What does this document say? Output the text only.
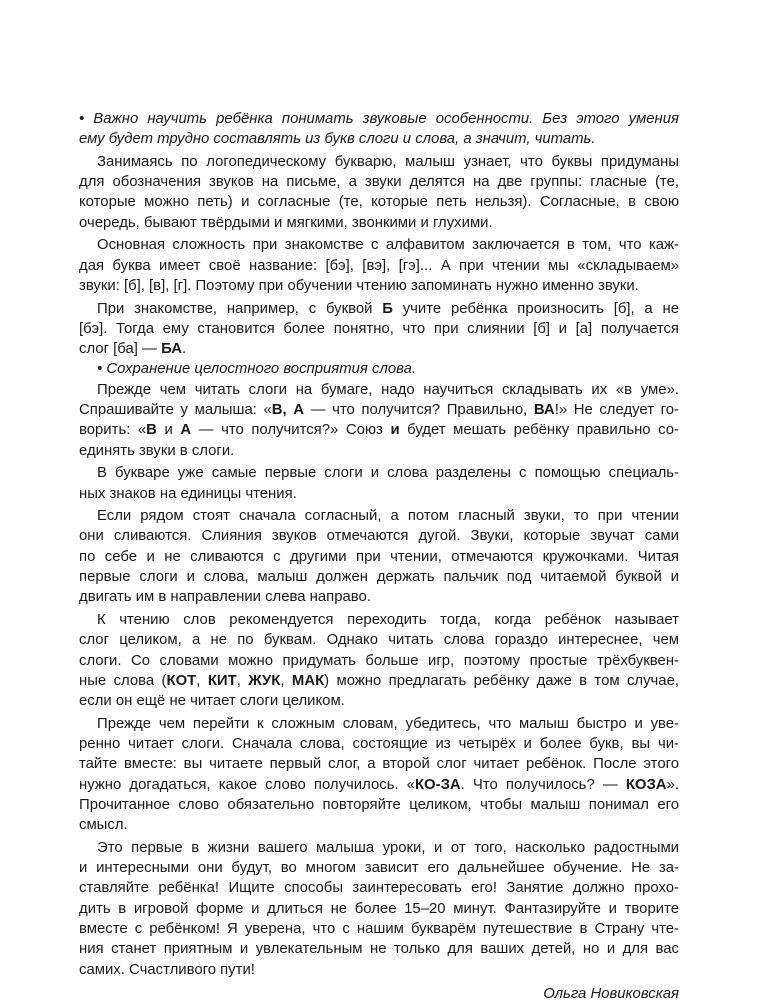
• Важно научить ребёнка понимать звуковые особенности. Без этого умения
ему будет трудно составлять из букв слоги и слова, а значит, читать.
Занимаясь по логопедическому букварю, малыш узнает, что буквы придуманы
для обозначения звуков на письме, а звуки делятся на две группы: гласные (те,
которые можно петь) и согласные (те, которые петь нельзя). Согласные, в свою
очередь, бывают твёрдыми и мягкими, звонкими и глухими.
Основная сложность при знакомстве с алфавитом заключается в том, что каж-
дая буква имеет своё название: [бэ], [вэ], [гэ]... А при чтении мы «складываем»
звуки: [б], [в], [г]. Поэтому при обучении чтению запоминать нужно именно звуки.
При знакомстве, например, с буквой Б учите ребёнка произносить [б], а не
[бэ]. Тогда ему становится более понятно, что при слиянии [б] и [а] получается
слог [ба] — БА.
• Сохранение целостного восприятия слова.
Прежде чем читать слоги на бумаге, надо научиться складывать их «в уме».
Спрашивайте у малыша: «В, А — что получится? Правильно, ВА!» Не следует го-
ворить: «В и А — что получится?» Союз и будет мешать ребёнку правильно со-
единять звуки в слоги.
В букваре уже самые первые слоги и слова разделены с помощью специаль-
ных знаков на единицы чтения.
Если рядом стоят сначала согласный, а потом гласный звуки, то при чтении
они сливаются. Слияния звуков отмечаются дугой. Звуки, которые звучат сами
по себе и не сливаются с другими при чтении, отмечаются кружочками. Читая
первые слоги и слова, малыш должен держать пальчик под читаемой буквой и
двигать им в направлении слева направо.
К чтению слов рекомендуется переходить тогда, когда ребёнок называет
слог целиком, а не по буквам. Однако читать слова гораздо интереснее, чем
слоги. Со словами можно придумать больше игр, поэтому простые трёхбуквен-
ные слова (КОТ, КИТ, ЖУК, МАК) можно предлагать ребёнку даже в том случае,
если он ещё не читает слоги целиком.
Прежде чем перейти к сложным словам, убедитесь, что малыш быстро и уве-
ренно читает слоги. Сначала слова, состоящие из четырёх и более букв, вы чи-
тайте вместе: вы читаете первый слог, а второй слог читает ребёнок. После этого
нужно догадаться, какое слово получилось. «КО-ЗА. Что получилось? — КОЗА».
Прочитанное слово обязательно повторяйте целиком, чтобы малыш понимал его
смысл.
Это первые в жизни вашего малыша уроки, и от того, насколько радостными
и интересными они будут, во многом зависит его дальнейшее обучение. Не за-
ставляйте ребёнка! Ищите способы заинтересовать его! Занятие должно прохо-
дить в игровой форме и длиться не более 15–20 минут. Фантазируйте и творите
вместе с ребёнком! Я уверена, что с нашим букварём путешествие в Страну чте-
ния станет приятным и увлекательным не только для ваших детей, но и для вас
самих. Счастливого пути!
Ольга Новиковская
